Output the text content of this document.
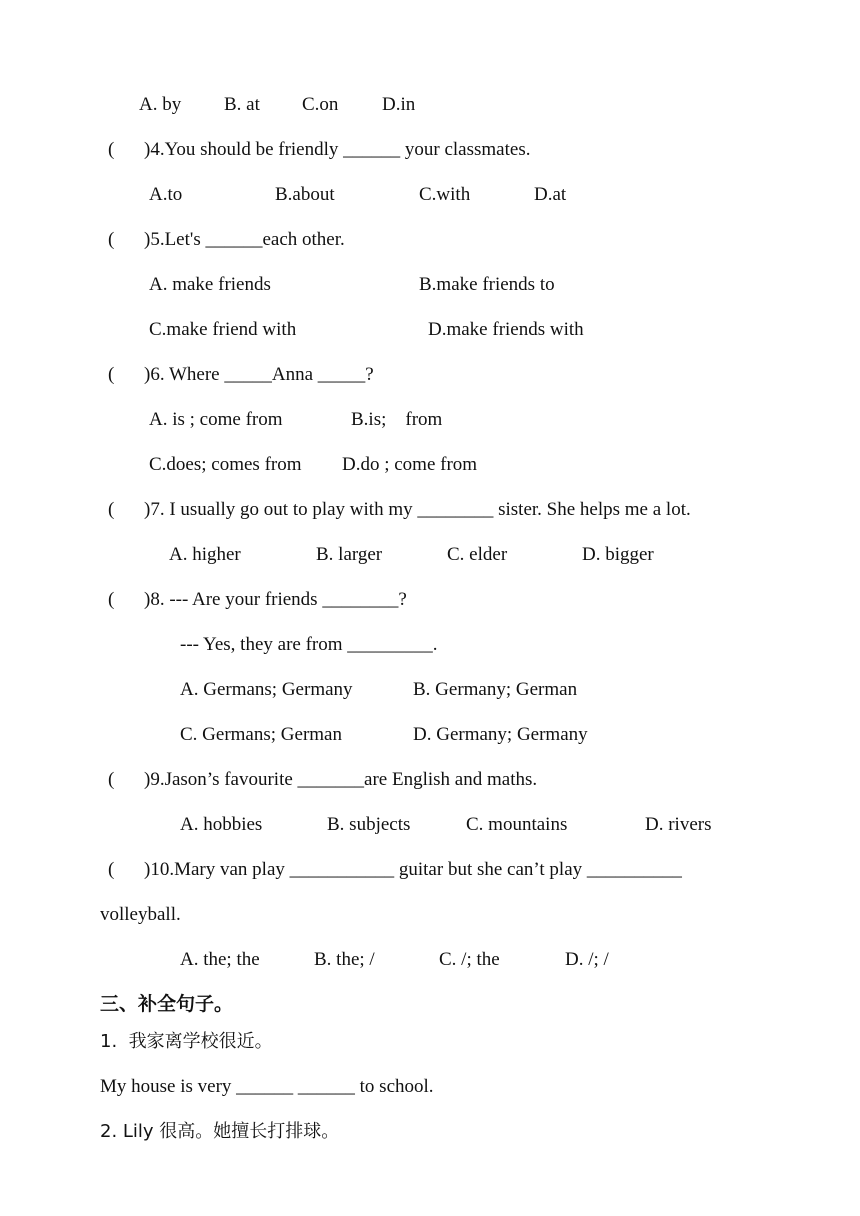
A. by B. at C.on D.in
( )4.You should be friendly ______ your classmates.
A.to	B.about	C.with	D.at
( )5.Let's ______each other.
A. make friends	B.make friends to
C.make friend with	D.make friends with
( )6. Where _____Anna _____?
A. is ; come from	B.is;    from
C.does; comes from D.do ; come from
( )7. I usually go out to play with my ________ sister. She helps me a lot.
A. higher	B. larger	C. elder	D. bigger
( )8. --- Are your friends ________?
--- Yes, they are from _________.
A. Germans; Germany	B. Germany; German
C. Germans; German	D. Germany; Germany
( )9.Jason’s favourite _______are English and maths.
A. hobbies	B. subjects	C. mountains	D. rivers
( )10.Mary van play ___________ guitar but she can’t play __________
volleyball.
A. the; the	B. the; /	C. /; the	D. /; /
三、补全句子。
1.  我家离学校很近。
My house is very ______ ______ to school.
2. Lily 很高。她擅长打排球。
